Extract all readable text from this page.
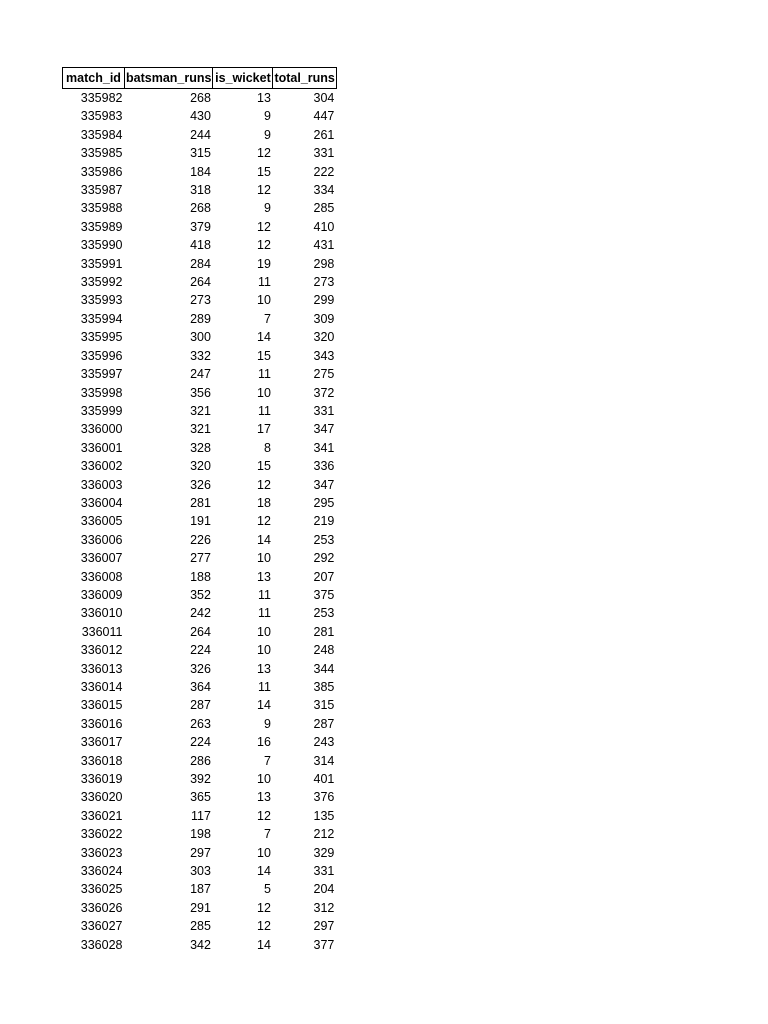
match_id	batsman_runs	is_wicket	total_runs
335982	268	13	304
335983	430	9	447
335984	244	9	261
335985	315	12	331
335986	184	15	222
335987	318	12	334
335988	268	9	285
335989	379	12	410
335990	418	12	431
335991	284	19	298
335992	264	11	273
335993	273	10	299
335994	289	7	309
335995	300	14	320
335996	332	15	343
335997	247	11	275
335998	356	10	372
335999	321	11	331
336000	321	17	347
336001	328	8	341
336002	320	15	336
336003	326	12	347
336004	281	18	295
336005	191	12	219
336006	226	14	253
336007	277	10	292
336008	188	13	207
336009	352	11	375
336010	242	11	253
336011	264	10	281
336012	224	10	248
336013	326	13	344
336014	364	11	385
336015	287	14	315
336016	263	9	287
336017	224	16	243
336018	286	7	314
336019	392	10	401
336020	365	13	376
336021	117	12	135
336022	198	7	212
336023	297	10	329
336024	303	14	331
336025	187	5	204
336026	291	12	312
336027	285	12	297
336028	342	14	377
